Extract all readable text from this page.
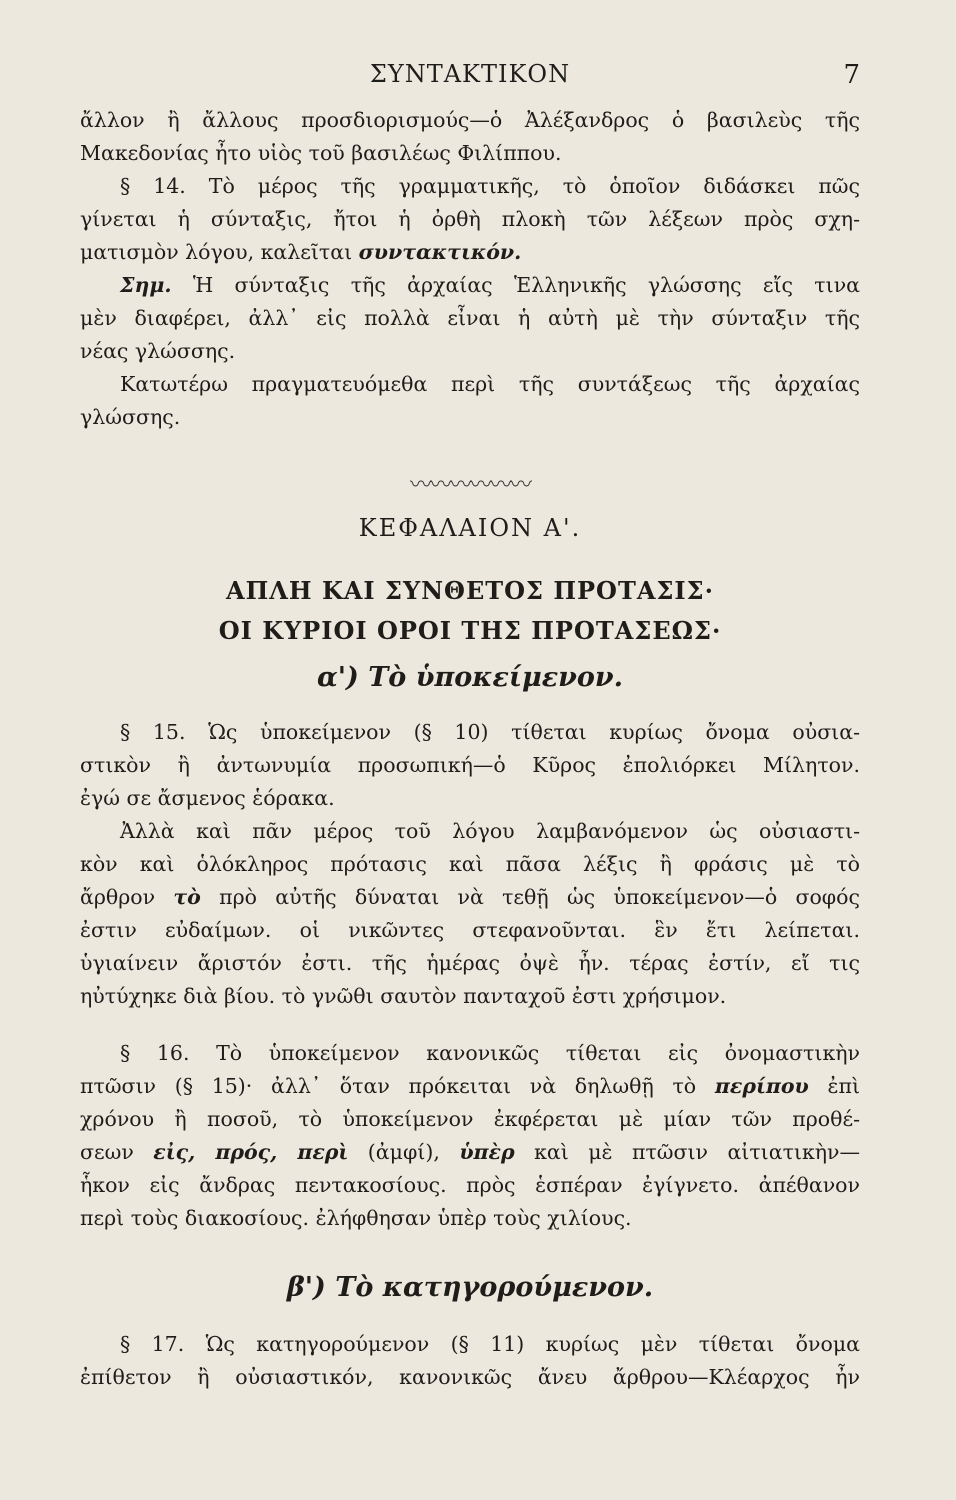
ΣΥΝΤΑΚΤΙΚΟΝ	7
ἄλλον ἢ ἄλλους προσδιορισμούς—ὁ Ἀλέξανδρος ὁ βασιλεὺς τῆς
Μακεδονίας ἦτο υἱὸς τοῦ βασιλέως Φιλίππου.
§ 14. Τὸ μέρος τῆς γραμματικῆς, τὸ ὁποῖον διδάσκει πῶς
γίνεται ἡ σύνταξις, ἤτοι ἡ ὀρθὴ πλοκὴ τῶν λέξεων πρὸς σχη-
ματισμὸν λόγου, καλεῖται συντακτικόν.
Σημ. Ἡ σύνταξις τῆς ἀρχαίας Ἑλληνικῆς γλώσσης εἴς τινα
μὲν διαφέρει, ἀλλ᾽ εἰς πολλὰ εἶναι ἡ αὐτὴ μὲ τὴν σύνταξιν τῆς
νέας γλώσσης.
Κατωτέρω πραγματευόμεθα περὶ τῆς συντάξεως τῆς ἀρχαίας
γλώσσης.
〰〰〰〰〰〰
ΚΕΦΑΛΑΙΟΝ Α'.
ΑΠΛΗ ΚΑΙ ΣΥΝΘΕΤΟΣ ΠΡΟΤΑΣΙΣ·
ΟΙ ΚΥΡΙΟΙ ΟΡΟΙ ΤΗΣ ΠΡΟΤΑΣΕΩΣ·
α') Τὸ ὑποκείμενον.
§ 15. Ὡς ὑποκείμενον (§ 10) τίθεται κυρίως ὄνομα οὐσια-
στικὸν ἢ ἀντωνυμία προσωπική—ὁ Κῦρος ἐπολιόρκει Μίλητον.
ἐγώ σε ἄσμενος ἑόρακα.
Ἀλλὰ καὶ πᾶν μέρος τοῦ λόγου λαμβανόμενον ὡς οὐσιαστι-
κὸν καὶ ὁλόκληρος πρότασις καὶ πᾶσα λέξις ἢ φράσις μὲ τὸ
ἄρθρον τὸ πρὸ αὐτῆς δύναται νὰ τεθῇ ὡς ὑποκείμενον—ὁ σοφός
ἐστιν εὐδαίμων. οἱ νικῶντες στεφανοῦνται. ἓν ἔτι λείπεται.
ὑγιαίνειν ἄριστόν ἐστι. τῆς ἡμέρας ὀψὲ ἦν. τέρας ἐστίν, εἴ τις
ηὐτύχηκε διὰ βίου. τὸ γνῶθι σαυτὸν πανταχοῦ ἐστι χρήσιμον.
§ 16. Τὸ ὑποκείμενον κανονικῶς τίθεται εἰς ὀνομαστικὴν
πτῶσιν (§ 15)· ἀλλ᾽ ὅταν πρόκειται νὰ δηλωθῇ τὸ περίπου ἐπὶ
χρόνου ἢ ποσοῦ, τὸ ὑποκείμενον ἐκφέρεται μὲ μίαν τῶν προθέ-
σεων εἰς, πρός, περὶ (ἀμφί), ὑπὲρ καὶ μὲ πτῶσιν αἰτιατικὴν—
ἧκον εἰς ἄνδρας πεντακοσίους. πρὸς ἑσπέραν ἐγίγνετο. ἀπέθανον
περὶ τοὺς διακοσίους. ἐλήφθησαν ὑπὲρ τοὺς χιλίους.
β') Τὸ κατηγορούμενον.
§ 17. Ὡς κατηγορούμενον (§ 11) κυρίως μὲν τίθεται ὄνομα
ἐπίθετον ἢ οὐσιαστικόν, κανονικῶς ἄνευ ἄρθρου—Κλέαρχος ἦν
